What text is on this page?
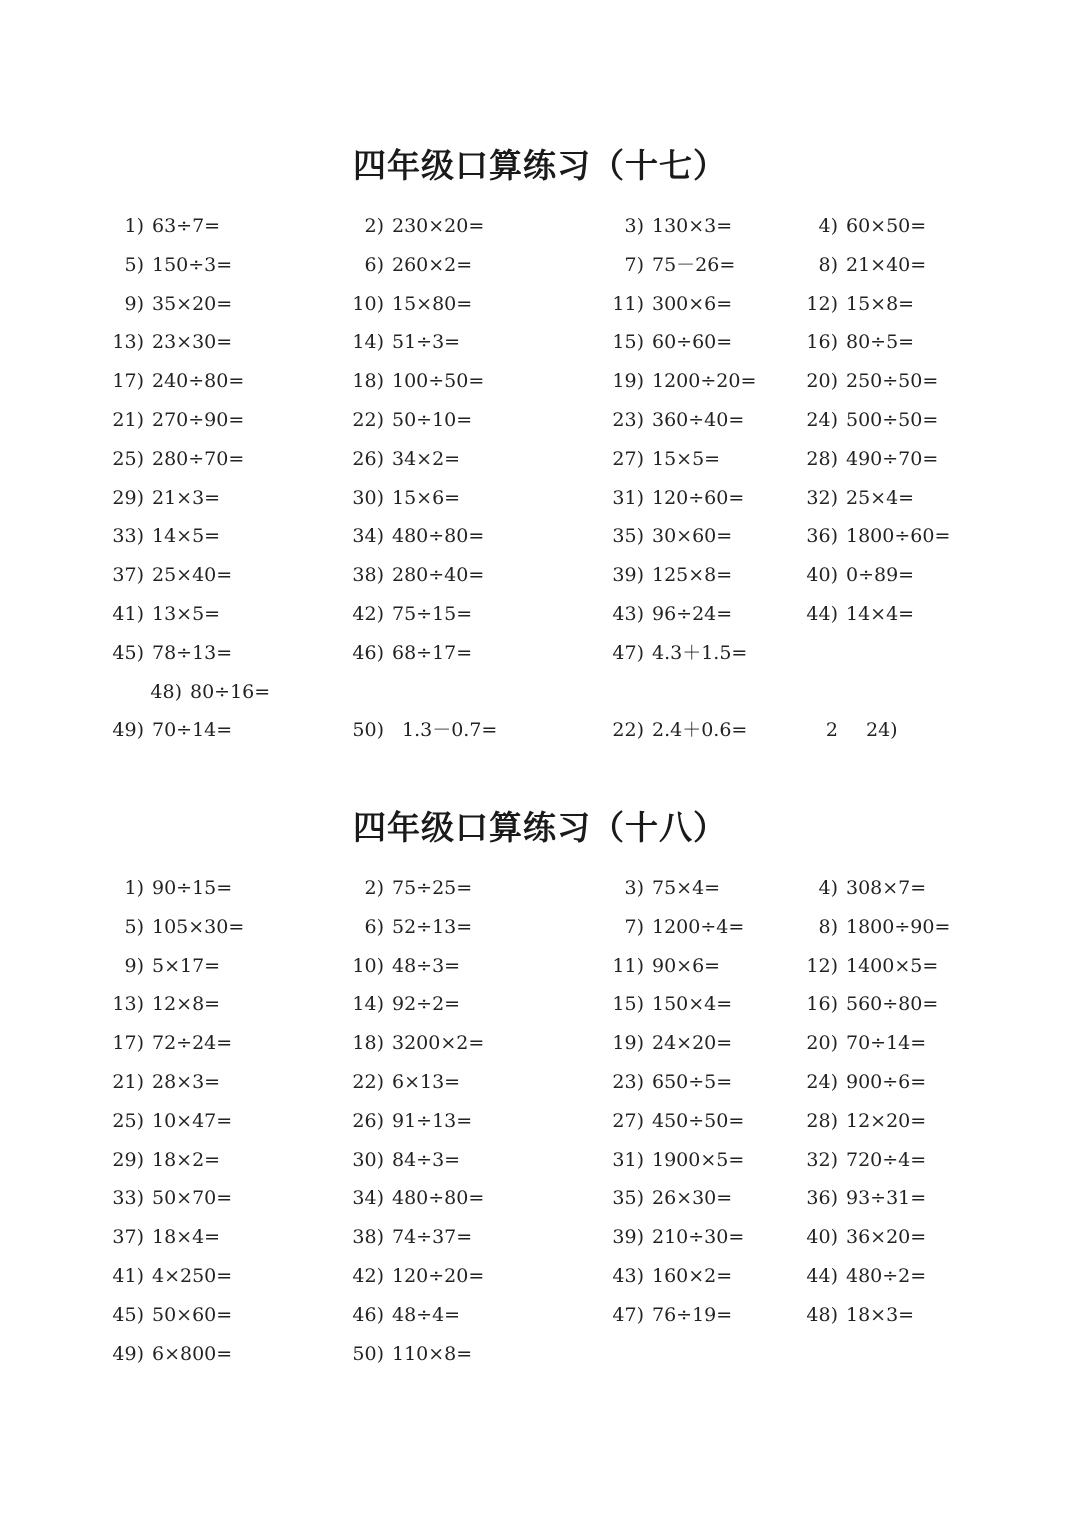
四年级口算练习（十七）
1) 63÷7=	2) 230×20=	3) 130×3=	4) 60×50=
5) 150÷3=	6) 260×2=	7) 75－26=	8) 21×40=
9) 35×20=	10) 15×80=	11) 300×6=	12) 15×8=
13) 23×30=	14) 51÷3=	15) 60÷60=	16) 80÷5=
17) 240÷80=	18) 100÷50=	19) 1200÷20=	20) 250÷50=
21) 270÷90=	22) 50÷10=	23) 360÷40=	24) 500÷50=
25) 280÷70=	26) 34×2=	27) 15×5=	28) 490÷70=
29) 21×3=	30) 15×6=	31) 120÷60=	32) 25×4=
33) 14×5=	34) 480÷80=	35) 30×60=	36) 1800÷60=
37) 25×40=	38) 280÷40=	39) 125×8=	40) 0÷89=
41) 13×5=	42) 75÷15=	43) 96÷24=	44) 14×4=
45) 78÷13=	46) 68÷17=	47) 4.3＋1.5=
48) 80÷16=
49) 70÷14=	50) 1.3－0.7=	22) 2.4＋0.6=	2 24)
四年级口算练习（十八）
1) 90÷15=	2) 75÷25=	3) 75×4=	4) 308×7=
5) 105×30=	6) 52÷13=	7) 1200÷4=	8) 1800÷90=
9) 5×17=	10) 48÷3=	11) 90×6=	12) 1400×5=
13) 12×8=	14) 92÷2=	15) 150×4=	16) 560÷80=
17) 72÷24=	18) 3200×2=	19) 24×20=	20) 70÷14=
21) 28×3=	22) 6×13=	23) 650÷5=	24) 900÷6=
25) 10×47=	26) 91÷13=	27) 450÷50=	28) 12×20=
29) 18×2=	30) 84÷3=	31) 1900×5=	32) 720÷4=
33) 50×70=	34) 480÷80=	35) 26×30=	36) 93÷31=
37) 18×4=	38) 74÷37=	39) 210÷30=	40) 36×20=
41) 4×250=	42) 120÷20=	43) 160×2=	44) 480÷2=
45) 50×60=	46) 48÷4=	47) 76÷19=	48) 18×3=
49) 6×800=	50) 110×8=
